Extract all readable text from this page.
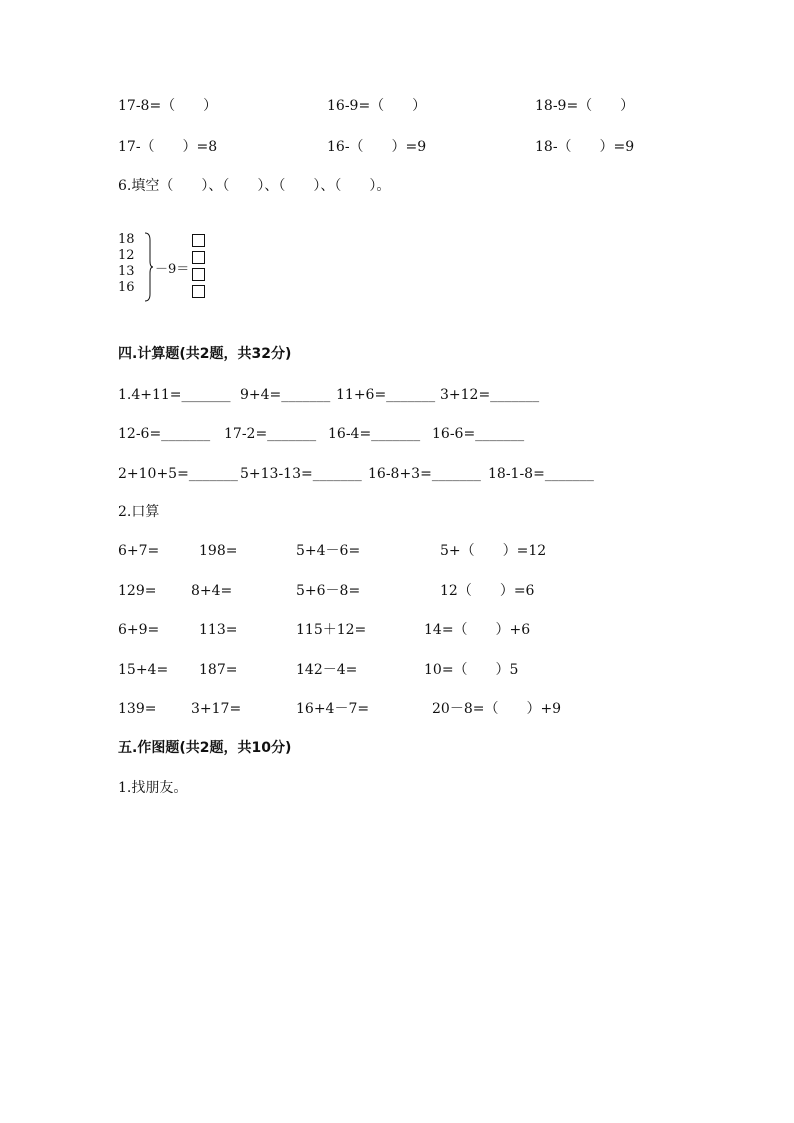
17-8=（　　）	16-9=（　　）	18-9=（　　）
17-（　　）=8	16-（　　）=9	18-（　　）=9
6.填空（　　）、（　　）、（　　）、（　　）。
18
12
13
16
－9＝
四.计算题(共2题，共32分)
1.4+11=_______ 9+4=_______ 11+6=_______ 3+12=_______
12-6=_______ 17-2=_______ 16-4=_______ 16-6=_______
2+10+5=_______ 5+13-13=_______ 16-8+3=_______ 18-1-8=_______
2.口算
6+7=	198=	5+4－6=	5+（　　）=12
129= 8+4=	5+6－8=	12（　　）=6
6+9=	113=	115＋12=	14=（　　）+6
15+4= 187=	142－4=	10=（　　）5
139= 3+17=	16+4－7=	20－8=（　　）+9
五.作图题(共2题，共10分)
1.找朋友。
